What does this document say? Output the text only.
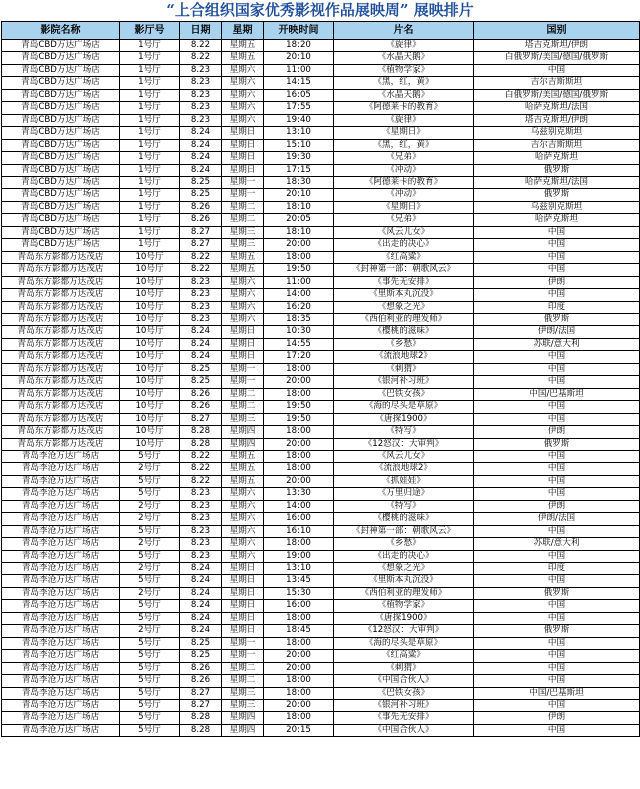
“上合组织国家优秀影视作品展映周” 展映排片
影院名称	影厅号	日期	星期	开映时间	片名	国别
青岛CBD万达广场店	1号厅	8.22	星期五	18:20	《旋律》	塔吉克斯坦/伊朗
青岛CBD万达广场店	1号厅	8.22	星期五	20:10	《水晶天鹅》	白俄罗斯/美国/德国/俄罗斯
青岛CBD万达广场店	1号厅	8.23	星期六	11:00	《植物学家》	中国
青岛CBD万达广场店	1号厅	8.23	星期六	14:15	《黑，红，黄》	吉尔吉斯斯坦
青岛CBD万达广场店	1号厅	8.23	星期六	16:05	《水晶天鹅》	白俄罗斯/美国/德国/俄罗斯
青岛CBD万达广场店	1号厅	8.23	星期六	17:55	《阿德莱卡的教育》	哈萨克斯坦/法国
青岛CBD万达广场店	1号厅	8.23	星期六	19:40	《旋律》	塔吉克斯坦/伊朗
青岛CBD万达广场店	1号厅	8.24	星期日	13:10	《星期日》	乌兹别克斯坦
青岛CBD万达广场店	1号厅	8.24	星期日	15:10	《黑，红，黄》	吉尔吉斯斯坦
青岛CBD万达广场店	1号厅	8.24	星期日	19:30	《兄弟》	哈萨克斯坦
青岛CBD万达广场店	1号厅	8.24	星期日	17:15	《冲动》	俄罗斯
青岛CBD万达广场店	1号厅	8.25	星期一	18:30	《阿德莱卡的教育》	哈萨克斯坦/法国
青岛CBD万达广场店	1号厅	8.25	星期一	20:10	《冲动》	俄罗斯
青岛CBD万达广场店	1号厅	8.26	星期二	18:10	《星期日》	乌兹别克斯坦
青岛CBD万达广场店	1号厅	8.26	星期二	20:05	《兄弟》	哈萨克斯坦
青岛CBD万达广场店	1号厅	8.27	星期三	18:10	《风云儿女》	中国
青岛CBD万达广场店	1号厅	8.27	星期三	20:00	《出走的决心》	中国
青岛东方影都万达茂店	10号厅	8.22	星期五	18:00	《红高粱》	中国
青岛东方影都万达茂店	10号厅	8.22	星期五	19:50	《封神第一部：朝歌风云》	中国
青岛东方影都万达茂店	10号厅	8.23	星期六	11:00	《事先无安排》	伊朗
青岛东方影都万达茂店	10号厅	8.23	星期六	14:00	《里斯本丸沉没》	中国
青岛东方影都万达茂店	10号厅	8.23	星期六	16:20	《想象之光》	印度
青岛东方影都万达茂店	10号厅	8.23	星期六	18:35	《西伯利亚的理发师》	俄罗斯
青岛东方影都万达茂店	10号厅	8.24	星期日	10:30	《樱桃的滋味》	伊朗/法国
青岛东方影都万达茂店	10号厅	8.24	星期日	14:55	《乡愁》	苏联/意大利
青岛东方影都万达茂店	10号厅	8.24	星期日	17:20	《流浪地球2》	中国
青岛东方影都万达茂店	10号厅	8.25	星期一	18:00	《刺猬》	中国
青岛东方影都万达茂店	10号厅	8.25	星期一	20:00	《银河补习班》	中国
青岛东方影都万达茂店	10号厅	8.26	星期二	18:00	《巴铁女孩》	中国/巴基斯坦
青岛东方影都万达茂店	10号厅	8.26	星期二	19:50	《海的尽头是草原》	中国
青岛东方影都万达茂店	10号厅	8.27	星期三	19:50	《唐探1900》	中国
青岛东方影都万达茂店	10号厅	8.28	星期四	18:00	《特写》	伊朗
青岛东方影都万达茂店	10号厅	8.28	星期四	20:00	《12怒汉：大审判》	俄罗斯
青岛李沧万达广场店	5号厅	8.22	星期五	18:00	《风云儿女》	中国
青岛李沧万达广场店	2号厅	8.22	星期五	18:00	《流浪地球2》	中国
青岛李沧万达广场店	5号厅	8.22	星期五	20:00	《抓娃娃》	中国
青岛李沧万达广场店	5号厅	8.23	星期六	13:30	《万里归途》	中国
青岛李沧万达广场店	2号厅	8.23	星期六	14:00	《特写》	伊朗
青岛李沧万达广场店	2号厅	8.23	星期六	16:00	《樱桃的滋味》	伊朗/法国
青岛李沧万达广场店	5号厅	8.23	星期六	16:10	《封神第一部：朝歌风云》	中国
青岛李沧万达广场店	2号厅	8.23	星期六	18:00	《乡愁》	苏联/意大利
青岛李沧万达广场店	5号厅	8.23	星期六	19:00	《出走的决心》	中国
青岛李沧万达广场店	2号厅	8.24	星期日	13:10	《想象之光》	印度
青岛李沧万达广场店	5号厅	8.24	星期日	13:45	《里斯本丸沉没》	中国
青岛李沧万达广场店	2号厅	8.24	星期日	15:30	《西伯利亚的理发师》	俄罗斯
青岛李沧万达广场店	5号厅	8.24	星期日	16:00	《植物学家》	中国
青岛李沧万达广场店	5号厅	8.24	星期日	18:00	《唐探1900》	中国
青岛李沧万达广场店	2号厅	8.24	星期日	18:45	《12怒汉：大审判》	俄罗斯
青岛李沧万达广场店	5号厅	8.25	星期一	18:00	《海的尽头是草原》	中国
青岛李沧万达广场店	5号厅	8.25	星期一	20:00	《红高粱》	中国
青岛李沧万达广场店	5号厅	8.26	星期二	20:00	《刺猬》	中国
青岛李沧万达广场店	5号厅	8.26	星期二	18:00	《中国合伙人》	中国
青岛李沧万达广场店	5号厅	8.27	星期三	18:00	《巴铁女孩》	中国/巴基斯坦
青岛李沧万达广场店	5号厅	8.27	星期三	20:00	《银河补习班》	中国
青岛李沧万达广场店	5号厅	8.28	星期四	18:00	《事先无安排》	伊朗
青岛李沧万达广场店	5号厅	8.28	星期四	20:15	《中国合伙人》	中国
